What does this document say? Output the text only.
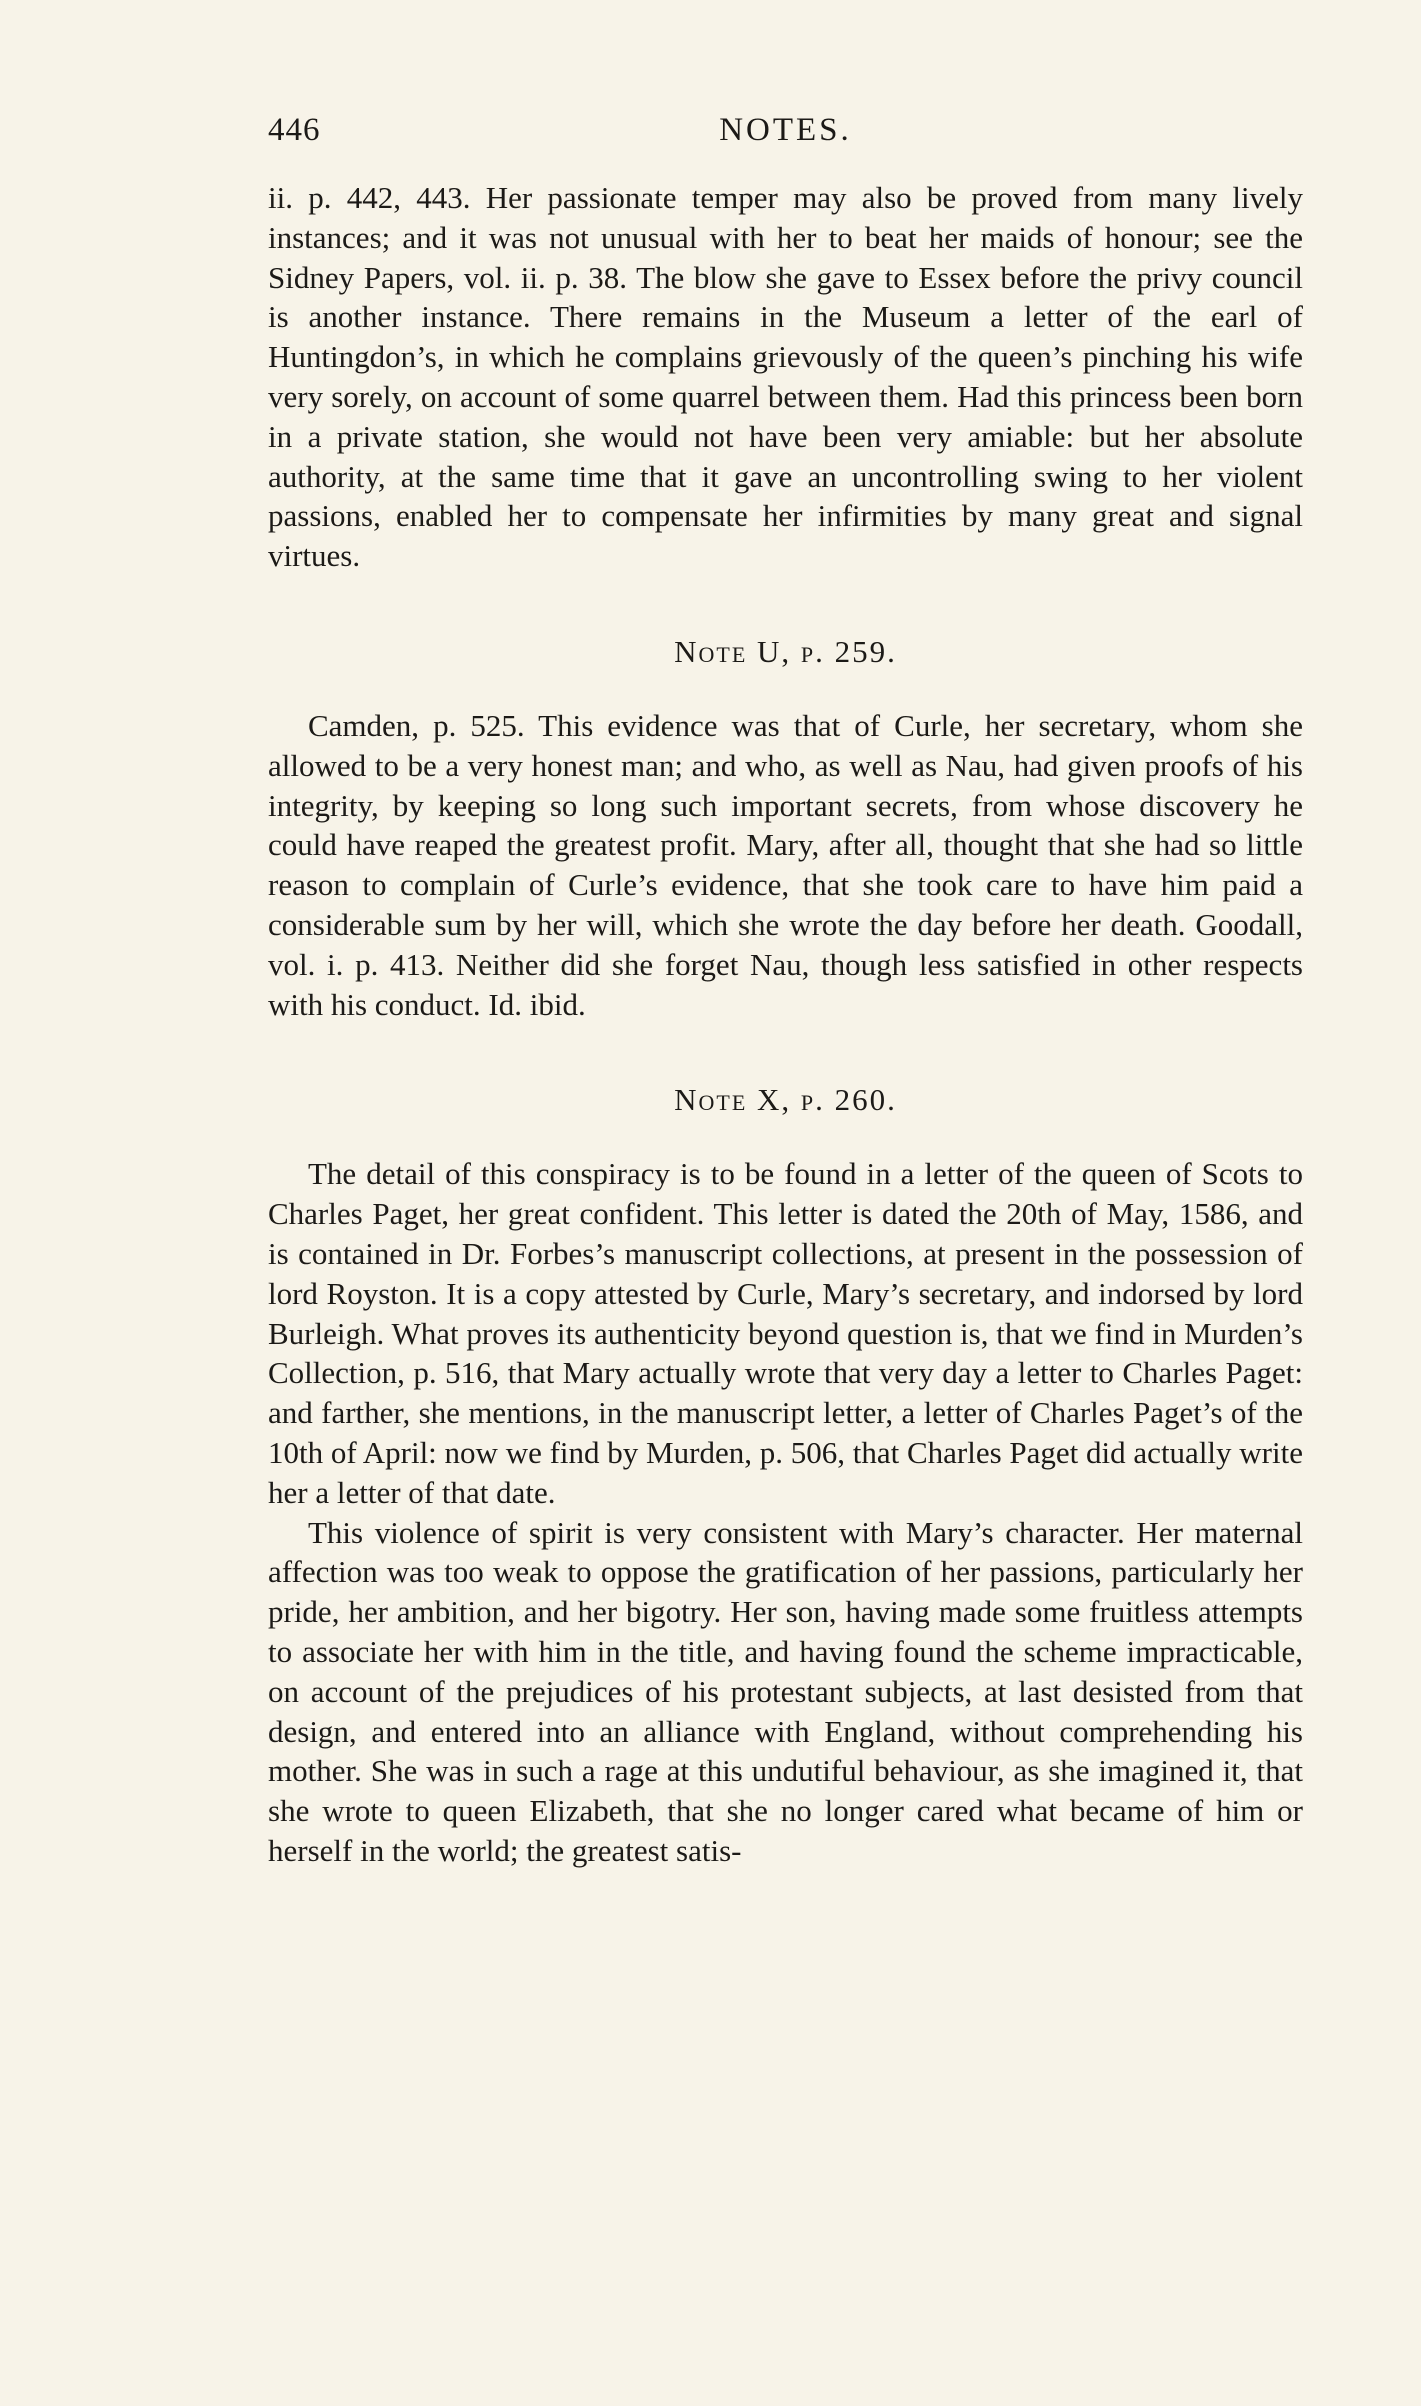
446	NOTES.

ii. p. 442, 443. Her passionate temper may also be proved from many lively instances; and it was not unusual with her to beat her maids of honour; see the Sidney Papers, vol. ii. p. 38. The blow she gave to Essex before the privy council is another instance. There remains in the Museum a letter of the earl of Huntingdon’s, in which he complains grievously of the queen’s pinching his wife very sorely, on account of some quarrel between them. Had this princess been born in a private station, she would not have been very amiable: but her absolute authority, at the same time that it gave an uncontrolling swing to her violent passions, enabled her to compensate her infirmities by many great and signal virtues.

Note U, p. 259.

Camden, p. 525. This evidence was that of Curle, her secretary, whom she allowed to be a very honest man; and who, as well as Nau, had given proofs of his integrity, by keeping so long such important secrets, from whose discovery he could have reaped the greatest profit. Mary, after all, thought that she had so little reason to complain of Curle’s evidence, that she took care to have him paid a considerable sum by her will, which she wrote the day before her death. Goodall, vol. i. p. 413. Neither did she forget Nau, though less satisfied in other respects with his conduct. Id. ibid.

Note X, p. 260.

The detail of this conspiracy is to be found in a letter of the queen of Scots to Charles Paget, her great confident. This letter is dated the 20th of May, 1586, and is contained in Dr. Forbes’s manuscript collections, at present in the possession of lord Royston. It is a copy attested by Curle, Mary’s secretary, and indorsed by lord Burleigh. What proves its authenticity beyond question is, that we find in Murden’s Collection, p. 516, that Mary actually wrote that very day a letter to Charles Paget: and farther, she mentions, in the manuscript letter, a letter of Charles Paget’s of the 10th of April: now we find by Murden, p. 506, that Charles Paget did actually write her a letter of that date.

This violence of spirit is very consistent with Mary’s character. Her maternal affection was too weak to oppose the gratification of her passions, particularly her pride, her ambition, and her bigotry. Her son, having made some fruitless attempts to associate her with him in the title, and having found the scheme impracticable, on account of the prejudices of his protestant subjects, at last desisted from that design, and entered into an alliance with England, without comprehending his mother. She was in such a rage at this undutiful behaviour, as she imagined it, that she wrote to queen Elizabeth, that she no longer cared what became of him or herself in the world; the greatest satis-
